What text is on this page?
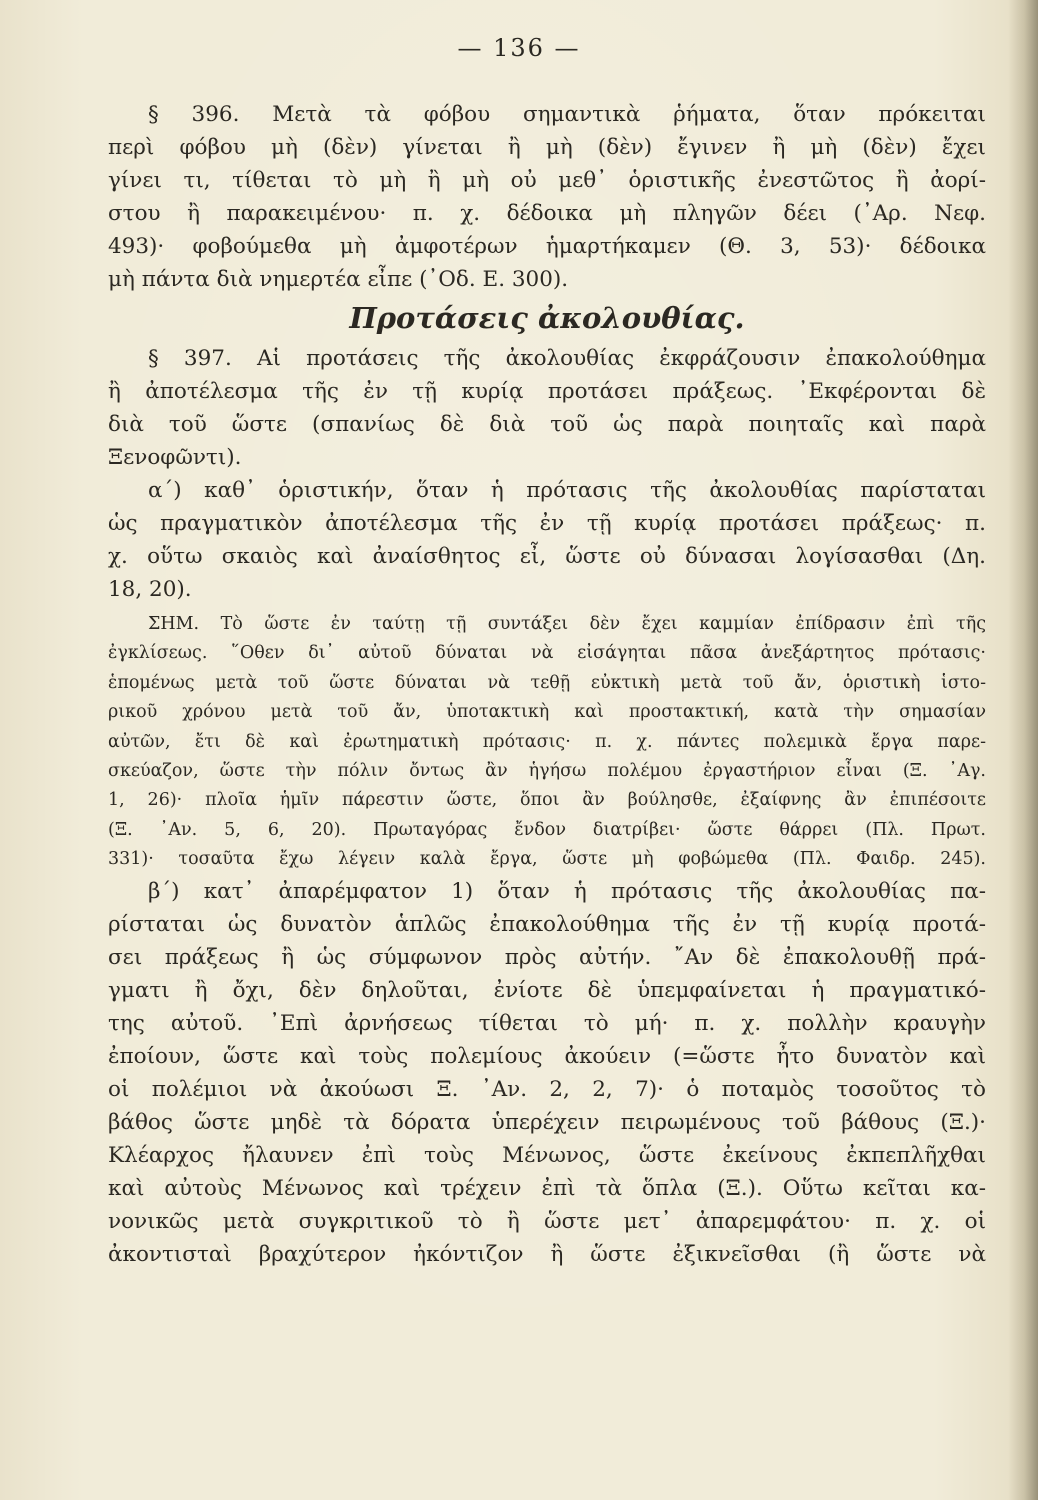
— 136 —
§ 396. Μετὰ τὰ φόβου σημαντικὰ ῥήματα, ὅταν πρόκειται
περὶ φόβου μὴ (δὲν) γίνεται ἢ μὴ (δὲν) ἔγινεν ἢ μὴ (δὲν) ἔχει
γίνει τι, τίθεται τὸ μὴ ἢ μὴ οὐ μεθ᾽ ὁριστικῆς ἐνεστῶτος ἢ ἀορί-
στου ἢ παρακειμένου· π. χ. δέδοικα μὴ πληγῶν δέει (᾽Αρ. Νεφ.
493)· φοβούμεθα μὴ ἀμφοτέρων ἡμαρτήκαμεν (Θ. 3, 53)· δέδοικα
μὴ πάντα διὰ νημερτέα εἶπε (᾽Οδ. Ε. 300).
Προτάσεις ἀκολουθίας.
§ 397. Αἱ προτάσεις τῆς ἀκολουθίας ἐκφράζουσιν ἐπακολούθημα
ἢ ἀποτέλεσμα τῆς ἐν τῇ κυρίᾳ προτάσει πράξεως. ᾽Εκφέρονται δὲ
διὰ τοῦ ὥστε (σπανίως δὲ διὰ τοῦ ὡς παρὰ ποιηταῖς καὶ παρὰ
Ξενοφῶντι).
α΄) καθ᾽ ὁριστικήν, ὅταν ἡ πρότασις τῆς ἀκολουθίας παρίσταται
ὡς πραγματικὸν ἀποτέλεσμα τῆς ἐν τῇ κυρίᾳ προτάσει πράξεως· π.
χ. οὕτω σκαιὸς καὶ ἀναίσθητος εἶ, ὥστε οὐ δύνασαι λογίσασθαι (Δη.
18, 20).
ΣΗΜ. Τὸ ὥστε ἐν ταύτῃ τῇ συντάξει δὲν ἔχει καμμίαν ἐπίδρασιν ἐπὶ τῆς
ἐγκλίσεως. ῞Οθεν δι᾽ αὐτοῦ δύναται νὰ εἰσάγηται πᾶσα ἀνεξάρτητος πρότασις·
ἑπομένως μετὰ τοῦ ὥστε δύναται νὰ τεθῇ εὐκτικὴ μετὰ τοῦ ἄν, ὁριστικὴ ἱστο-
ρικοῦ χρόνου μετὰ τοῦ ἄν, ὑποτακτικὴ καὶ προστακτική, κατὰ τὴν σημασίαν
αὐτῶν, ἔτι δὲ καὶ ἐρωτηματικὴ πρότασις· π. χ. πάντες πολεμικὰ ἔργα παρε-
σκεύαζον, ὥστε τὴν πόλιν ὄντως ἂν ἡγήσω πολέμου ἐργαστήριον εἶναι (Ξ. ᾽Αγ.
1, 26)· πλοῖα ἡμῖν πάρεστιν ὥστε, ὅποι ἂν βούλησθε, ἐξαίφνης ἂν ἐπιπέσοιτε
(Ξ. ᾽Αν. 5, 6, 20). Πρωταγόρας ἔνδον διατρίβει· ὥστε θάρρει (Πλ. Πρωτ.
331)· τοσαῦτα ἔχω λέγειν καλὰ ἔργα, ὥστε μὴ φοβώμεθα (Πλ. Φαιδρ. 245).
β΄) κατ᾽ ἀπαρέμφατον 1) ὅταν ἡ πρότασις τῆς ἀκολουθίας πα-
ρίσταται ὡς δυνατὸν ἁπλῶς ἐπακολούθημα τῆς ἐν τῇ κυρίᾳ προτά-
σει πράξεως ἢ ὡς σύμφωνον πρὸς αὐτήν. ῎Αν δὲ ἐπακολουθῇ πρά-
γματι ἢ ὄχι, δὲν δηλοῦται, ἐνίοτε δὲ ὑπεμφαίνεται ἡ πραγματικό-
της αὐτοῦ. ᾽Επὶ ἀρνήσεως τίθεται τὸ μή· π. χ. πολλὴν κραυγὴν
ἐποίουν, ὥστε καὶ τοὺς πολεμίους ἀκούειν (=ὥστε ἦτο δυνατὸν καὶ
οἱ πολέμιοι νὰ ἀκούωσι Ξ. ᾽Αν. 2, 2, 7)· ὁ ποταμὸς τοσοῦτος τὸ
βάθος ὥστε μηδὲ τὰ δόρατα ὑπερέχειν πειρωμένους τοῦ βάθους (Ξ.)·
Κλέαρχος ἤλαυνεν ἐπὶ τοὺς Μένωνος, ὥστε ἐκείνους ἐκπεπλῆχθαι
καὶ αὐτοὺς Μένωνος καὶ τρέχειν ἐπὶ τὰ ὅπλα (Ξ.). Οὕτω κεῖται κα-
νονικῶς μετὰ συγκριτικοῦ τὸ ἢ ὥστε μετ᾽ ἀπαρεμφάτου· π. χ. οἱ
ἀκοντισταὶ βραχύτερον ἠκόντιζον ἢ ὥστε ἐξικνεῖσθαι (ἢ ὥστε νὰ
